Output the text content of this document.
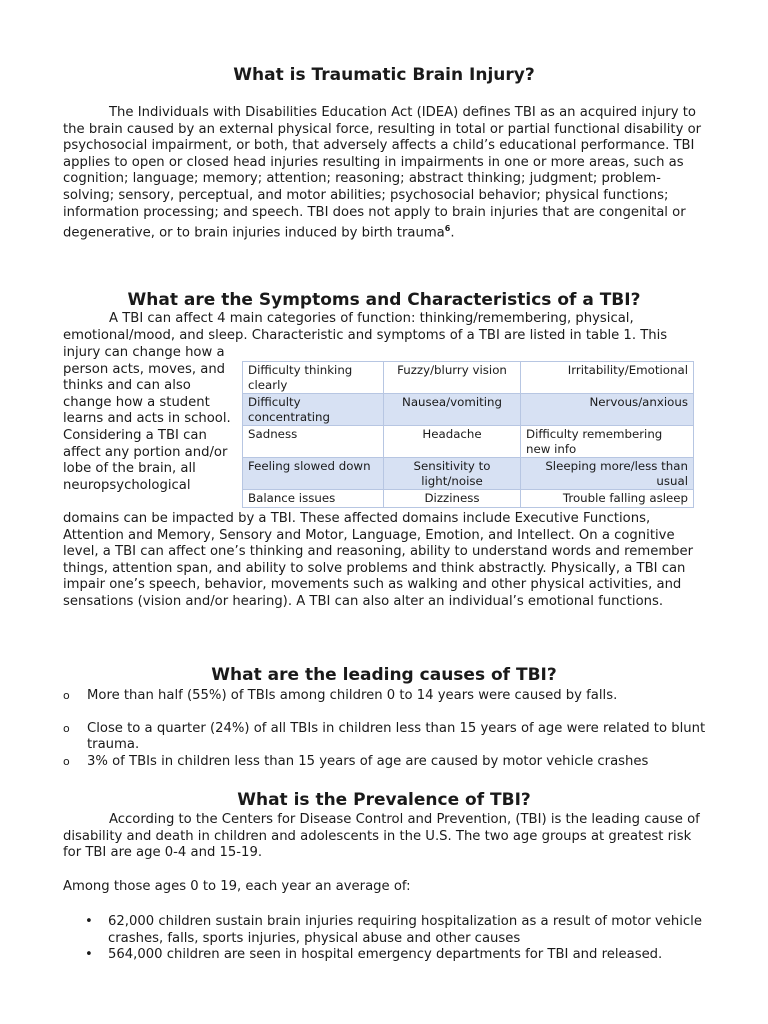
What is Traumatic Brain Injury?

The Individuals with Disabilities Education Act (IDEA) defines TBI as an acquired injury to the brain caused by an external physical force, resulting in total or partial functional disability or psychosocial impairment, or both, that adversely affects a child’s educational performance. TBI applies to open or closed head injuries resulting in impairments in one or more areas, such as cognition; language; memory; attention; reasoning; abstract thinking; judgment; problem-solving; sensory, perceptual, and motor abilities; psychosocial behavior; physical functions; information processing; and speech. TBI does not apply to brain injuries that are congenital or degenerative, or to brain injuries induced by birth trauma$^6$.

What are the Symptoms and Characteristics of a TBI?

A TBI can affect 4 main categories of function: thinking/remembering, physical, emotional/mood, and sleep. Characteristic and symptoms of a TBI are listed in table 1. This

injury can change how a person acts, moves, and thinks and can also change how a student learns and acts in school. Considering a TBI can affect any portion and/or lobe of the brain, all neuropsychological

Difficulty thinking clearly	Fuzzy/blurry vision	Irritability/Emotional
Difficulty concentrating	Nausea/vomiting	Nervous/anxious
Sadness	Headache	Difficulty remembering new info
Feeling slowed down	Sensitivity to light/noise	Sleeping more/less than usual
Balance issues	Dizziness	Trouble falling asleep

domains can be impacted by a TBI. These affected domains include Executive Functions, Attention and Memory, Sensory and Motor, Language, Emotion, and Intellect. On a cognitive level, a TBI can affect one’s thinking and reasoning, ability to understand words and remember things, attention span, and ability to solve problems and think abstractly. Physically, a TBI can impair one’s speech, behavior, movements such as walking and other physical activities, and sensations (vision and/or hearing). A TBI can also alter an individual’s emotional functions.

What are the leading causes of TBI?
o More than half (55%) of TBIs among children 0 to 14 years were caused by falls.
o Close to a quarter (24%) of all TBIs in children less than 15 years of age were related to blunt trauma.
o 3% of TBIs in children less than 15 years of age are caused by motor vehicle crashes
What is the Prevalence of TBI?

According to the Centers for Disease Control and Prevention, (TBI) is the leading cause of disability and death in children and adolescents in the U.S. The two age groups at greatest risk for TBI are age 0-4 and 15-19.

Among those ages 0 to 19, each year an average of:

• 62,000 children sustain brain injuries requiring hospitalization as a result of motor vehicle crashes, falls, sports injuries, physical abuse and other causes
• 564,000 children are seen in hospital emergency departments for TBI and released.
